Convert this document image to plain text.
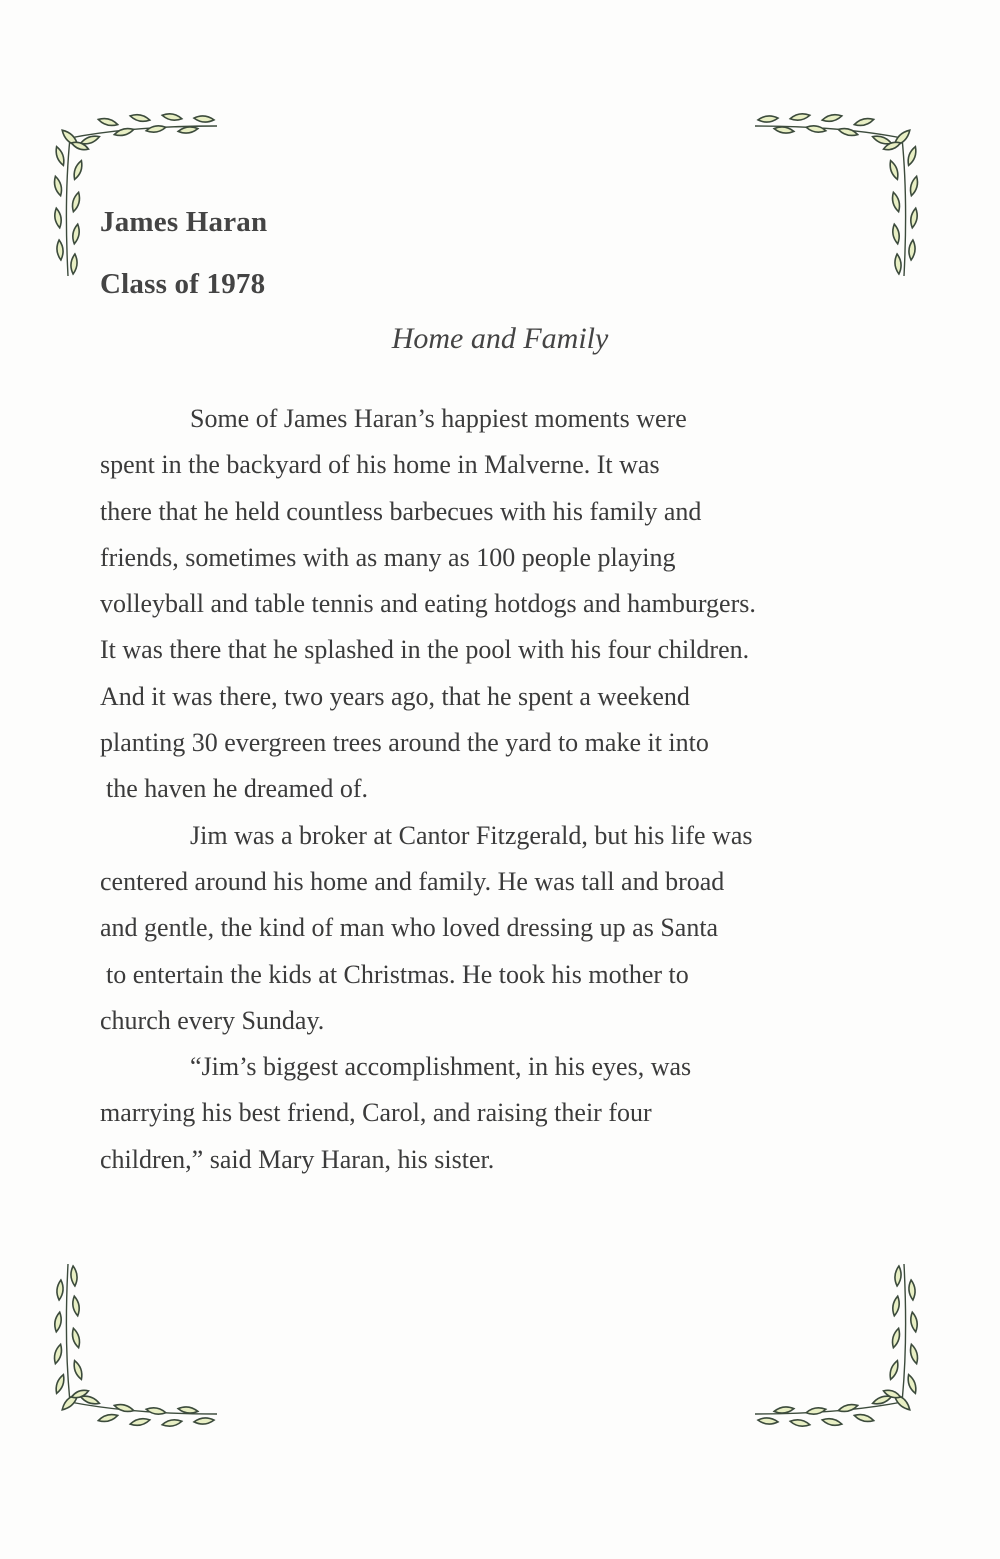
James Haran
Class of 1978
Home and Family
Some of James Haran’s happiest moments were
spent in the backyard of his home in Malverne. It was
there that he held countless barbecues with his family and
friends, sometimes with as many as 100 people playing
volleyball and table tennis and eating hotdogs and hamburgers.
It was there that he splashed in the pool with his four children.
And it was there, two years ago, that he spent a weekend
planting 30 evergreen trees around the yard to make it into
the haven he dreamed of.
Jim was a broker at Cantor Fitzgerald, but his life was
centered around his home and family. He was tall and broad
and gentle, the kind of man who loved dressing up as Santa
to entertain the kids at Christmas. He took his mother to
church every Sunday.
“Jim’s biggest accomplishment, in his eyes, was
marrying his best friend, Carol, and raising their four
children,” said Mary Haran, his sister.
